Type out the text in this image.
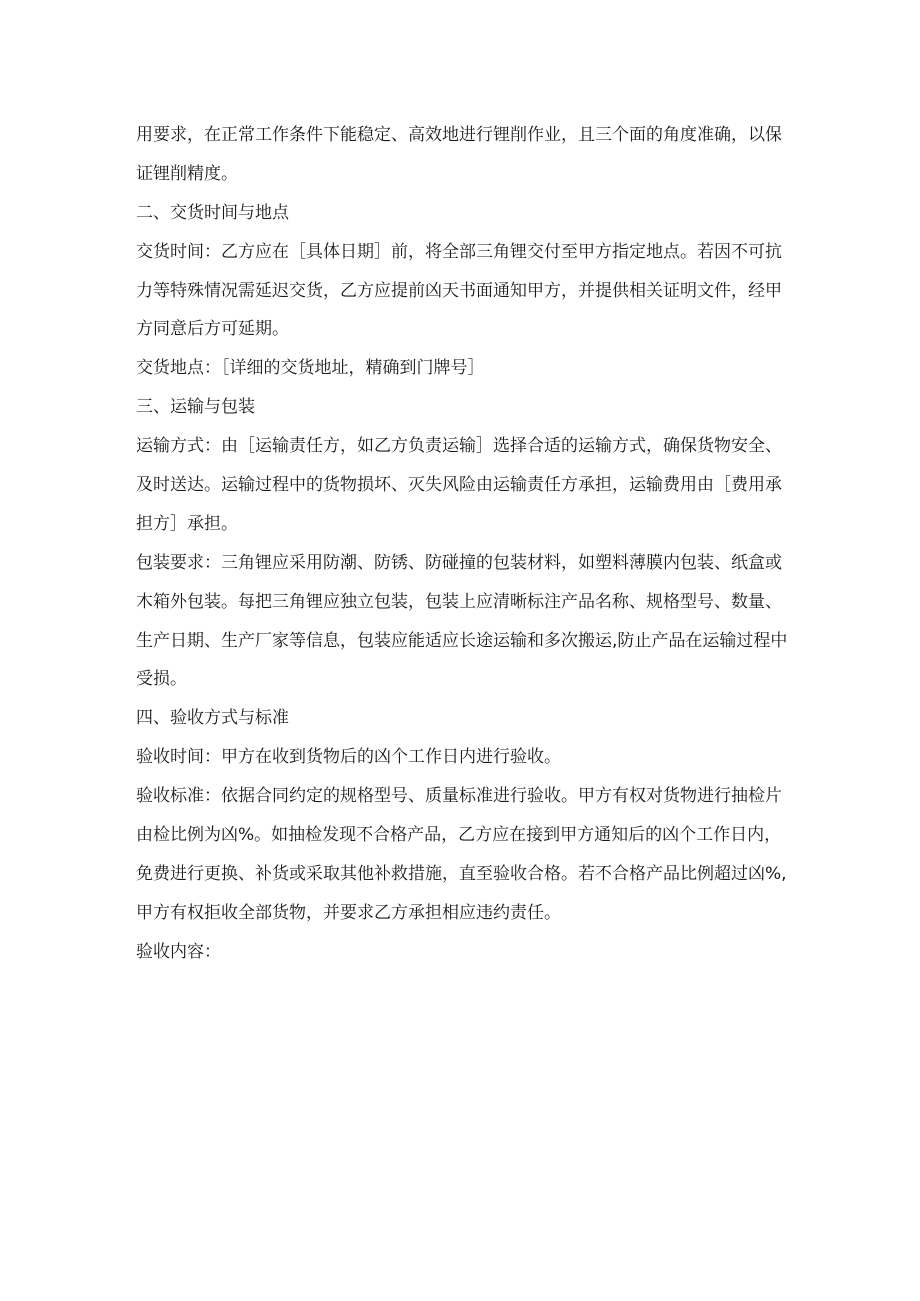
用要求，在正常工作条件下能稳定、高效地进行锂削作业，且三个面的角度准确，以保
证锂削精度。
二、交货时间与地点
交货时间：乙方应在［具体日期］前，将全部三角锂交付至甲方指定地点。若因不可抗
力等特殊情况需延迟交货，乙方应提前凶天书面通知甲方，并提供相关证明文件，经甲
方同意后方可延期。
交货地点：［详细的交货地址，精确到门牌号］
三、运输与包装
运输方式：由［运输责任方，如乙方负责运输］选择合适的运输方式，确保货物安全、
及时送达。运输过程中的货物损坏、灭失风险由运输责任方承担，运输费用由［费用承
担方］承担。
包装要求：三角锂应采用防潮、防锈、防碰撞的包装材料，如塑料薄膜内包装、纸盒或
木箱外包装。每把三角锂应独立包装，包装上应清晰标注产品名称、规格型号、数量、
生产日期、生产厂家等信息，包装应能适应长途运输和多次搬运,防止产品在运输过程中
受损。
四、验收方式与标准
验收时间：甲方在收到货物后的凶个工作日内进行验收。
验收标准：依据合同约定的规格型号、质量标准进行验收。甲方有权对货物进行抽检片
由检比例为凶%。如抽检发现不合格产品，乙方应在接到甲方通知后的凶个工作日内，
免费进行更换、补货或采取其他补救措施，直至验收合格。若不合格产品比例超过凶%,
甲方有权拒收全部货物，并要求乙方承担相应违约责任。
验收内容：
